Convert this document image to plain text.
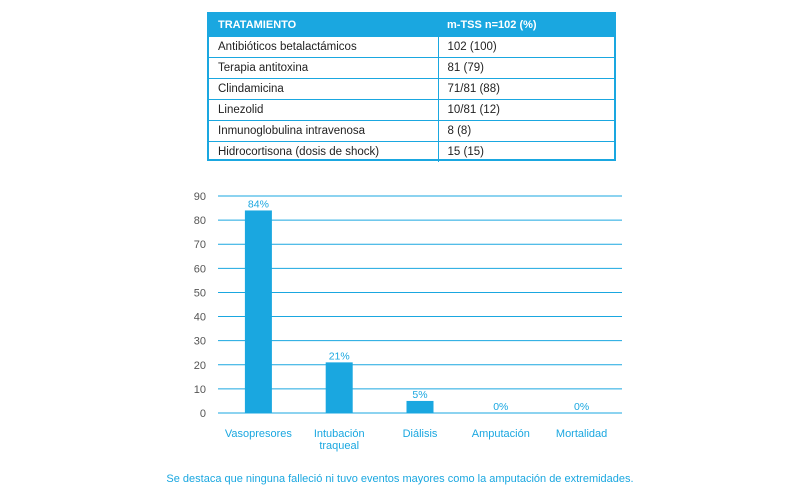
TRATAMIENTO	m-TSS n=102 (%)
Antibióticos betalactámicos	102 (100)
Terapia antitoxina	81 (79)
Clindamicina	71/81 (88)
Linezolid	10/81 (12)
Inmunoglobulina intravenosa	8 (8)
Hidrocortisona (dosis de shock)	15 (15)
0
10
20
30
40
50
60
70
80
90
84%
Vasopresores
21%
Intubación traqueal
5%
Diálisis
0%
Amputación
0%
Mortalidad
Se destaca que ninguna falleció ni tuvo eventos mayores como la amputación de extremidades.
